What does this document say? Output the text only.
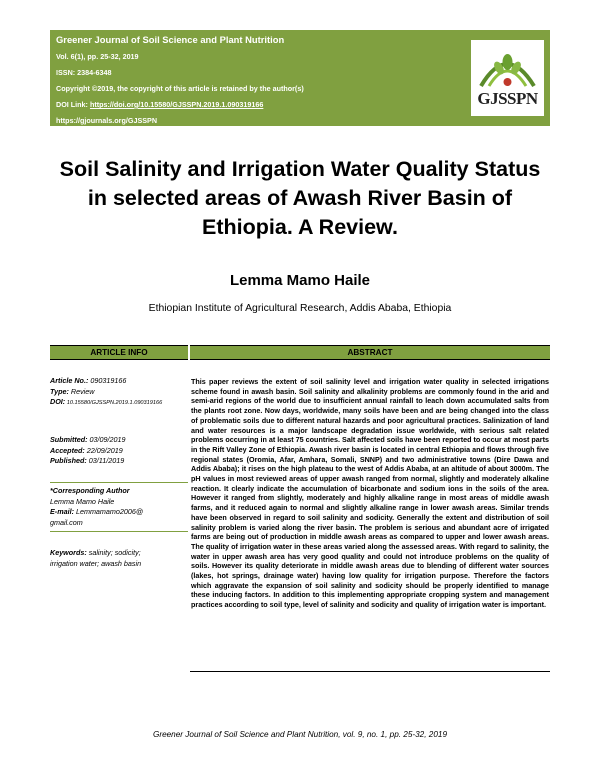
Greener Journal of Soil Science and Plant Nutrition
Vol. 6(1), pp. 25-32, 2019
ISSN: 2384-6348
Copyright ©2019, the copyright of this article is retained by the author(s)
DOI Link: https://doi.org/10.15580/GJSSPN.2019.1.090319166
https://gjournals.org/GJSSPN
GJSSPN
Soil Salinity and Irrigation Water Quality Status in selected areas of Awash River Basin of Ethiopia. A Review.
Lemma Mamo Haile
Ethiopian Institute of Agricultural Research, Addis Ababa, Ethiopia
ARTICLE INFO	ABSTRACT
Article No.: 090319166
Type: Review
DOI: 10.15580/GJSSPN.2019.1.090319166
Submitted: 03/09/2019
Accepted: 22/09/2019
Published: 03/11/2019
*Corresponding Author
Lemma Mamo Haile
E-mail: Lemmamamo2006@
gmail.com
Keywords: salinity; sodicity;
irrigation water; awash basin
This paper reviews the extent of soil salinity level and irrigation water quality in selected irrigations scheme found in awash basin. Soil salinity and alkalinity problems are commonly found in the arid and semi-arid regions of the world due to insufficient annual rainfall to leach down accumulated salts from the plants root zone. Now days, worldwide, many soils have been and are being changed into the class of problematic soils due to different natural hazards and poor agricultural practices. Salinization of land and water resources is a major landscape degradation issue worldwide, with serious salt related problems occurring in at least 75 countries. Salt affected soils have been reported to occur at most parts in the Rift Valley Zone of Ethiopia. Awash river basin is located in central Ethiopia and flows through five regional states (Oromia, Afar, Amhara, Somali, SNNP) and two administrative towns (Dire Dawa and Addis Ababa); it rises on the high plateau to the west of Addis Ababa, at an altitude of about 3000m. The pH values in most reviewed areas of upper awash ranged from normal, slightly and moderately alkaline reaction. It clearly indicate the accumulation of bicarbonate and sodium ions in the soils of the area. However it ranged from slightly, moderately and highly alkaline range in most areas of middle awash farms, and it reduced again to normal and slightly alkaline range in lower awash areas. Similar trends have been observed in regard to soil salinity and sodicity. Generally the extent and distribution of soil salinity problem is varied along the river basin. The problem is serious and abundant acre of irrigated farms are being out of production in middle awash areas as compared to upper and lower awash areas. The quality of irrigation water in these areas varied along the assessed areas. With regard to salinity, the water in upper awash area has very good quality and could not introduce problems on the quality of soils. However its quality deteriorate in middle awash areas due to blending of different water sources (lakes, hot springs, drainage water) having low quality for irrigation purpose. Therefore the factors which aggravate the expansion of soil salinity and sodicity should be properly identified to manage these inducing factors. In addition to this implementing appropriate cropping system and management practices according to soil type, level of salinity and sodicity and quality of irrigation water is important.
Greener Journal of Soil Science and Plant Nutrition, vol. 9, no. 1, pp. 25-32, 2019
